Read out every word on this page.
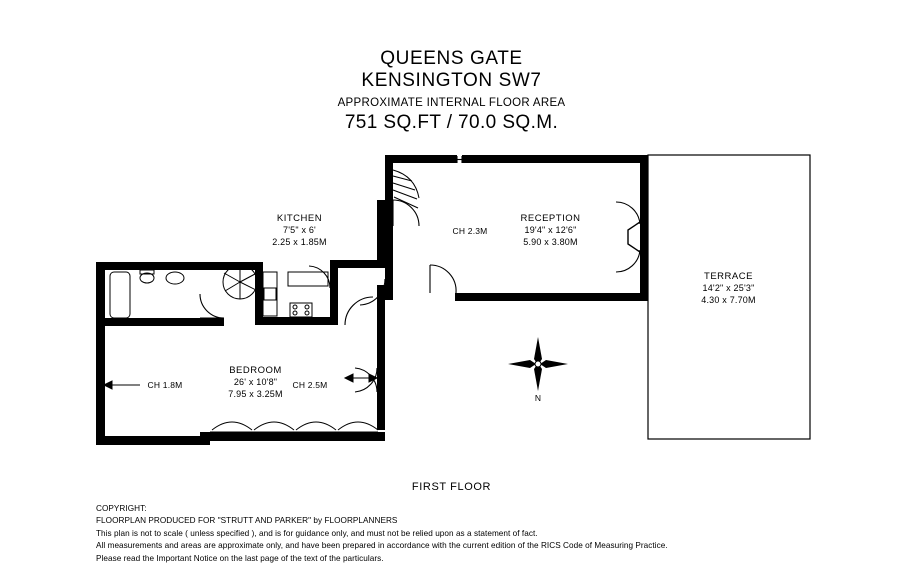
QUEENS GATE
KENSINGTON SW7
APPROXIMATE INTERNAL FLOOR AREA
751 SQ.FT / 70.0 SQ.M.
KITCHEN
7'5" x 6'
2.25 x 1.85M
RECEPTION
19'4" x 12'6"
5.90 x 3.80M
TERRACE
14'2" x 25'3"
4.30 x 7.70M
BEDROOM
26' x 10'8"
7.95 x 3.25M
CH 2.3M
CH 1.8M	CH 2.5M
N
FIRST FLOOR
COPYRIGHT:
FLOORPLAN PRODUCED FOR "STRUTT AND PARKER" by FLOORPLANNERS
This plan is not to scale ( unless specified ), and is for guidance only, and must not be relied upon as a statement of fact.
All measurements and areas are approximate only, and have been prepared in accordance with the current edition of the RICS Code of Measuring Practice.
Please read the Important Notice on the last page of the text of the particulars.
